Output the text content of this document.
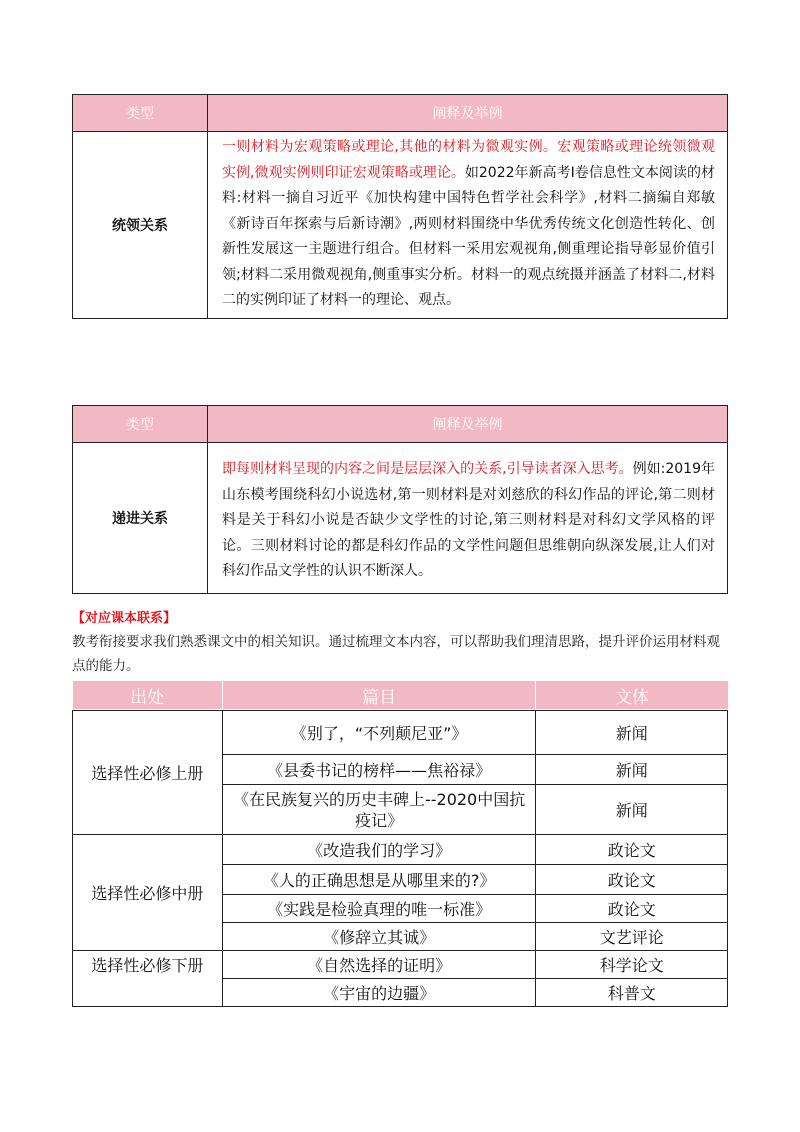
类型	阐释及举例
统领关系	一则材料为宏观策略或理论,其他的材料为微观实例。宏观策略或理论统领微观实例,微观实例则印证宏观策略或理论。如2022年新高考Ⅰ卷信息性文本阅读的材料:材料一摘自习近平《加快构建中国特色哲学社会科学》,材料二摘编自郑敏《新诗百年探索与后新诗潮》,两则材料围绕中华优秀传统文化创造性转化、创新性发展这一主题进行组合。但材料一采用宏观视角,侧重理论指导彰显价值引领;材料二采用微观视角,侧重事实分析。材料一的观点统摄并涵盖了材料二,材料二的实例印证了材料一的理论、观点。
类型	阐释及举例
递进关系	即每则材料呈现的内容之间是层层深入的关系,引导读者深入思考。例如:2019年山东模考围绕科幻小说选材,第一则材料是对刘慈欣的科幻作品的评论,第二则材料是关于科幻小说是否缺少文学性的讨论,第三则材料是对科幻文学风格的评论。三则材料讨论的都是科幻作品的文学性问题但思维朝向纵深发展,让人们对科幻作品文学性的认识不断深人。
【对应课本联系】
教考衔接要求我们熟悉课文中的相关知识。通过梳理文本内容，可以帮助我们理清思路，提升评价运用材料观点的能力。
出处	篇目	文体

选择性必修上册	《别了，“不列颠尼亚”》	新闻
	《县委书记的榜样——焦裕禄》	新闻
	《在民族复兴的历史丰碑上--2020中国抗疫记》	新闻
选择性必修中册	《改造我们的学习》	政论文
	《人的正确思想是从哪里来的?》	政论文
	《实践是检验真理的唯一标准》	政论文
	《修辞立其诚》	文艺评论
选择性必修下册	《自然选择的证明》	科学论文
	《宇宙的边疆》	科普文
